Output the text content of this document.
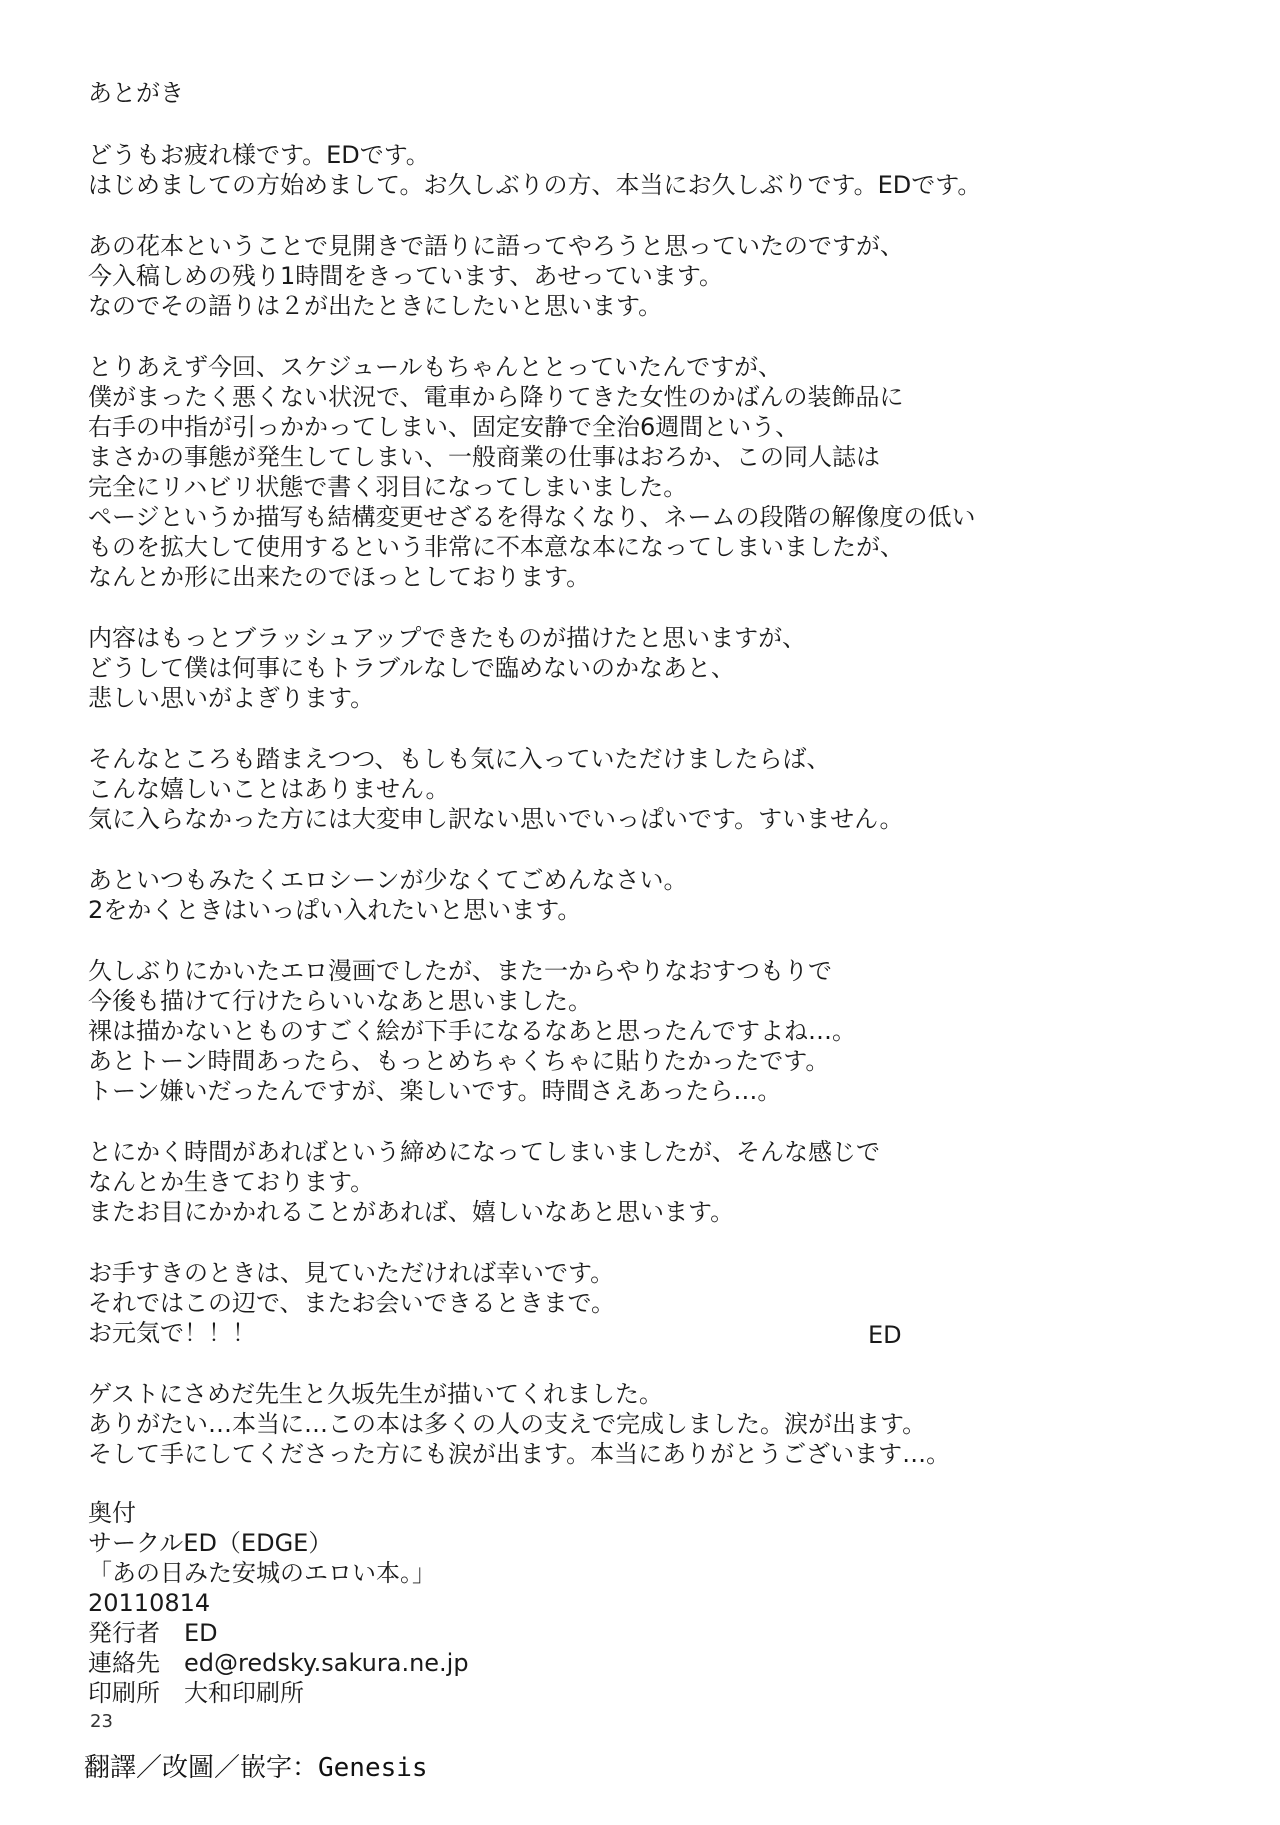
あとがき
どうもお疲れ様です。EDです。
はじめましての方始めまして。お久しぶりの方、本当にお久しぶりです。EDです。
あの花本ということで見開きで語りに語ってやろうと思っていたのですが、
今入稿しめの残り1時間をきっています、あせっています。
なのでその語りは２が出たときにしたいと思います。
とりあえず今回、スケジュールもちゃんととっていたんですが、
僕がまったく悪くない状況で、電車から降りてきた女性のかばんの装飾品に
右手の中指が引っかかってしまい、固定安静で全治6週間という、
まさかの事態が発生してしまい、一般商業の仕事はおろか、この同人誌は
完全にリハビリ状態で書く羽目になってしまいました。
ページというか描写も結構変更せざるを得なくなり、ネームの段階の解像度の低い
ものを拡大して使用するという非常に不本意な本になってしまいましたが、
なんとか形に出来たのでほっとしております。
内容はもっとブラッシュアップできたものが描けたと思いますが、
どうして僕は何事にもトラブルなしで臨めないのかなあと、
悲しい思いがよぎります。
そんなところも踏まえつつ、もしも気に入っていただけましたらば、
こんな嬉しいことはありません。
気に入らなかった方には大変申し訳ない思いでいっぱいです。すいません。
あといつもみたくエロシーンが少なくてごめんなさい。
2をかくときはいっぱい入れたいと思います。
久しぶりにかいたエロ漫画でしたが、また一からやりなおすつもりで
今後も描けて行けたらいいなあと思いました。
裸は描かないとものすごく絵が下手になるなあと思ったんですよね…。
あとトーン時間あったら、もっとめちゃくちゃに貼りたかったです。
トーン嫌いだったんですが、楽しいです。時間さえあったら…。
とにかく時間があればという締めになってしまいましたが、そんな感じで
なんとか生きております。
またお目にかかれることがあれば、嬉しいなあと思います。
お手すきのときは、見ていただければ幸いです。
それではこの辺で、またお会いできるときまで。
お元気で！！！
ゲストにさめだ先生と久坂先生が描いてくれました。
ありがたい…本当に…この本は多くの人の支えで完成しました。涙が出ます。
そして手にしてくださった方にも涙が出ます。本当にありがとうございます…。
ED
奥付
サークルED（EDGE）
「あの日みた安城のエロい本。」
20110814
発行者　ED
連絡先　ed@redsky.sakura.ne.jp
印刷所　大和印刷所
23
翻譯／改圖／嵌字：Genesis
